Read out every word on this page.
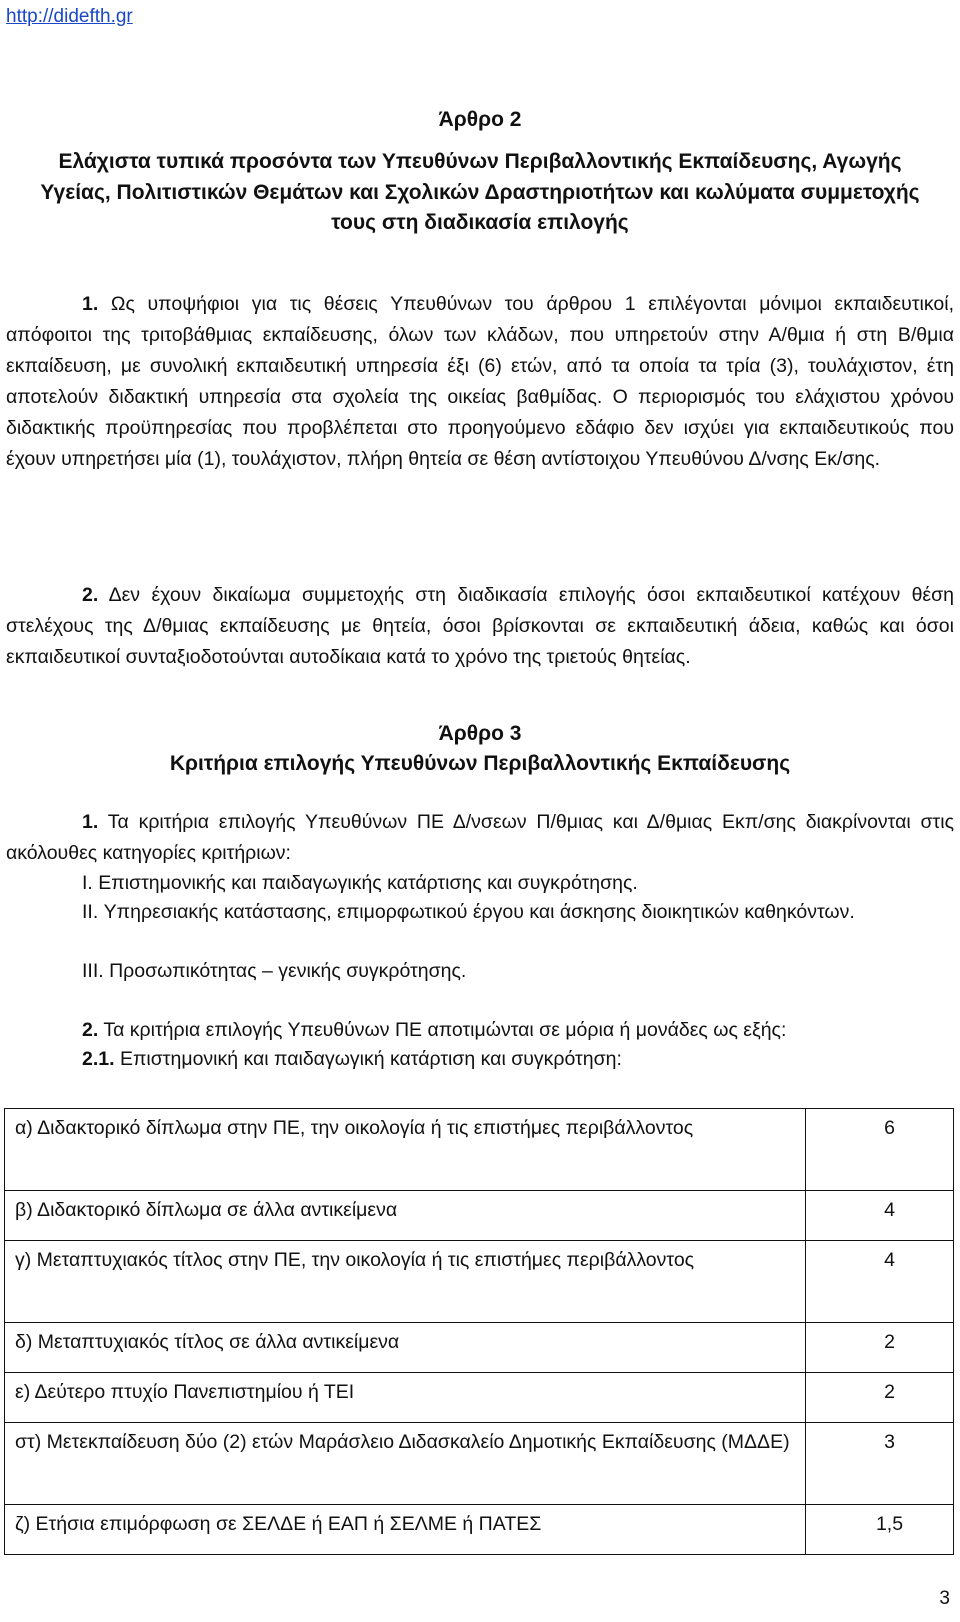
http://didefth.gr
Άρθρο 2
Ελάχιστα τυπικά προσόντα των Υπευθύνων Περιβαλλοντικής Εκπαίδευσης, Αγωγής
Υγείας, Πολιτιστικών Θεμάτων και Σχολικών Δραστηριοτήτων και κωλύματα συμμετοχής
τους στη διαδικασία επιλογής
1. Ως υποψήφιοι για τις θέσεις Υπευθύνων του άρθρου 1 επιλέγονται μόνιμοι εκπαιδευτικοί, απόφοιτοι της τριτοβάθμιας εκπαίδευσης, όλων των κλάδων, που υπηρετούν στην Α/θμια ή στη Β/θμια εκπαίδευση, με συνολική εκπαιδευτική υπηρεσία έξι (6) ετών, από τα οποία τα τρία (3), τουλάχιστον, έτη αποτελούν διδακτική υπηρεσία στα σχολεία της οικείας βαθμίδας. Ο περιορισμός του ελάχιστου χρόνου διδακτικής προϋπηρεσίας που προβλέπεται στο προηγούμενο εδάφιο δεν ισχύει για εκπαιδευτικούς που έχουν υπηρετήσει μία (1), τουλάχιστον, πλήρη θητεία σε θέση αντίστοιχου Υπευθύνου Δ/νσης Εκ/σης.
2. Δεν έχουν δικαίωμα συμμετοχής στη διαδικασία επιλογής όσοι εκπαιδευτικοί κατέχουν θέση στελέχους της Δ/θμιας εκπαίδευσης με θητεία, όσοι βρίσκονται σε εκπαιδευτική άδεια, καθώς και όσοι εκπαιδευτικοί συνταξιοδοτούνται αυτοδίκαια κατά το χρόνο της τριετούς θητείας.
Άρθρο 3
Κριτήρια επιλογής Υπευθύνων Περιβαλλοντικής Εκπαίδευσης
1. Τα κριτήρια επιλογής Υπευθύνων ΠΕ Δ/νσεων Π/θμιας και Δ/θμιας Εκπ/σης διακρίνονται στις ακόλουθες κατηγορίες κριτήριων:
I. Επιστημονικής και παιδαγωγικής κατάρτισης και συγκρότησης.
II. Υπηρεσιακής κατάστασης, επιμορφωτικού έργου και άσκησης διοικητικών καθηκόντων.
III. Προσωπικότητας – γενικής συγκρότησης.
2. Τα κριτήρια επιλογής Υπευθύνων ΠΕ αποτιμώνται σε μόρια ή μονάδες ως εξής:
2.1. Επιστημονική και παιδαγωγική κατάρτιση και συγκρότηση:
α) Διδακτορικό δίπλωμα στην ΠΕ, την οικολογία ή τις επιστήμες περιβάλλοντος	6
β) Διδακτορικό δίπλωμα σε άλλα αντικείμενα	4
γ) Μεταπτυχιακός τίτλος στην ΠΕ, την οικολογία ή τις επιστήμες περιβάλλοντος	4
δ) Μεταπτυχιακός τίτλος σε άλλα αντικείμενα	2
ε) Δεύτερο πτυχίο Πανεπιστημίου ή ΤΕΙ	2
στ) Μετεκπαίδευση δύο (2) ετών Μαράσλειο Διδασκαλείο Δημοτικής Εκπαίδευσης (ΜΔΔΕ)	3
ζ) Ετήσια επιμόρφωση σε ΣΕΛΔΕ ή ΕΑΠ ή ΣΕΛΜΕ ή ΠΑΤΕΣ	1,5
3
